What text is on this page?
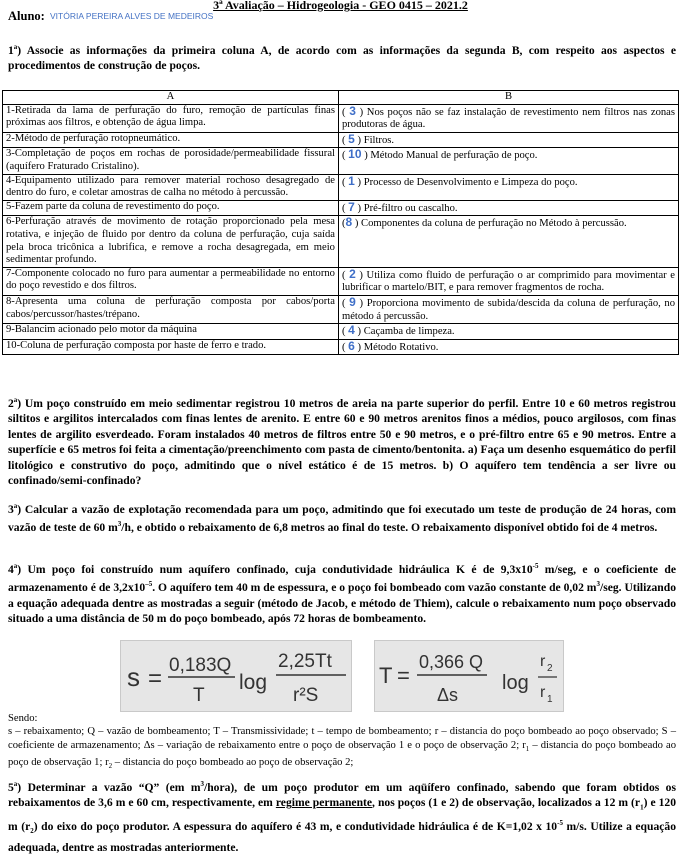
3ª Avaliação – Hidrogeologia - GEO 0415 – 2021.2
Aluno: VITÓRIA PEREIRA ALVES DE MEDEIROS
1$^a$) Associe as informações da primeira coluna A, de acordo com as informações da segunda B, com respeito aos aspectos e procedimentos de construção de poços.
A	B
1-Retirada da lama de perfuração do furo, remoção de partículas finas próximas aos filtros, e obtenção de água limpa.	( 3 ) Nos poços não se faz instalação de revestimento nem filtros nas zonas produtoras de água.
2-Método de perfuração rotopneumático.	( 5 ) Filtros.
3-Completação de poços em rochas de porosidade/permeabilidade fissural (aquífero Fraturado Cristalino).	( 10 ) Método Manual de perfuração de poço.
4-Equipamento utilizado para remover material rochoso desagregado de dentro do furo, e coletar amostras de calha no método à percussão.	( 1 ) Processo de Desenvolvimento e Limpeza do poço.
5-Fazem parte da coluna de revestimento do poço.	( 7 ) Pré-filtro ou cascalho.
6-Perfuração através de movimento de rotação proporcionado pela mesa rotativa, e injeção de fluido por dentro da coluna de perfuração, cuja saída pela broca tricônica a lubrifica, e remove a rocha desagregada, em meio sedimentar profundo.	(8 ) Componentes da coluna de perfuração no Método à percussão.
7-Componente colocado no furo para aumentar a permeabilidade no entorno do poço revestido e dos filtros.	( 2 ) Utiliza como fluido de perfuração o ar comprimido para movimentar e lubrificar o martelo/BIT, e para remover fragmentos de rocha.
8-Apresenta uma coluna de perfuração composta por cabos/porta cabos/percussor/hastes/trépano.	( 9 ) Proporciona movimento de subida/descida da coluna de perfuração, no método á percussão.
9-Balancim acionado pelo motor da máquina	( 4 ) Caçamba de limpeza.
10-Coluna de perfuração composta por haste de ferro e trado.	( 6 ) Método Rotativo.
2$^a$) Um poço construído em meio sedimentar registrou 10 metros de areia na parte superior do perfil. Entre 10 e 60 metros registrou siltitos e argilitos intercalados com finas lentes de arenito. E entre 60 e 90 metros arenitos finos a médios, pouco argilosos, com finas lentes de argilito esverdeado. Foram instalados 40 metros de filtros entre 50 e 90 metros, e o pré-filtro entre 65 e 90 metros. Entre a superfície e 65 metros foi feita a cimentação/preenchimento com pasta de cimento/bentonita. a) Faça um desenho esquemático do perfil litológico e construtivo do poço, admitindo que o nível estático é de 15 metros. b) O aquífero tem tendência a ser livre ou confinado/semi-confinado?
3$^a$) Calcular a vazão de explotação recomendada para um poço, admitindo que foi executado um teste de produção de 24 horas, com vazão de teste de 60 $m^3/h$, e obtido o rebaixamento de 6,8 metros ao final do teste. O rebaixamento disponível obtido foi de 4 metros.
4$^a$) Um poço foi construído num aquífero confinado, cuja condutividade hidráulica K é de $9,3x10^{-5}$ m/seg, e o coeficiente de armazenamento é de $3,2x10^{-5}$. O aquífero tem 40 m de espessura, e o poço foi bombeado com vazão constante de 0,02 $m^3$/seg. Utilizando a equação adequada dentre as mostradas a seguir (método de Jacob, e método de Thiem), calcule o rebaixamento num poço observado situado a uma distância de 50 m do poço bombeado, após 72 horas de bombeamento.
s = 0,183Q
T
log
2,25Tt
r²S
T =
0,366 Q
Δs
log
r 2
r 1
Sendo:
s – rebaixamento; Q – vazão de bombeamento; T – Transmissividade; t – tempo de bombeamento; r – distancia do poço bombeado ao poço observado; S – coeficiente de armazenamento; Δs – variação de rebaixamento entre o poço de observação 1 e o poço de observação 2; $r_1$ – distancia do poço bombeado ao poço de observação 1; $r_2$ – distancia do poço bombeado ao poço de observação 2;
5$^a$) Determinar a vazão “Q” (em $m^3/hora$), de um poço produtor em um aqüífero confinado, sabendo que foram obtidos os rebaixamentos de 3,6 m e 60 cm, respectivamente, em regime permanente, nos poços (1 e 2) de observação, localizados a 12 m $(r_1)$ e 120 m $(r_2)$ do eixo do poço produtor. A espessura do aquífero é 43 m, e condutividade hidráulica é de K=1,02 x $10^{-5}$ m/s. Utilize a equação adequada, dentre as mostradas anteriormente.
